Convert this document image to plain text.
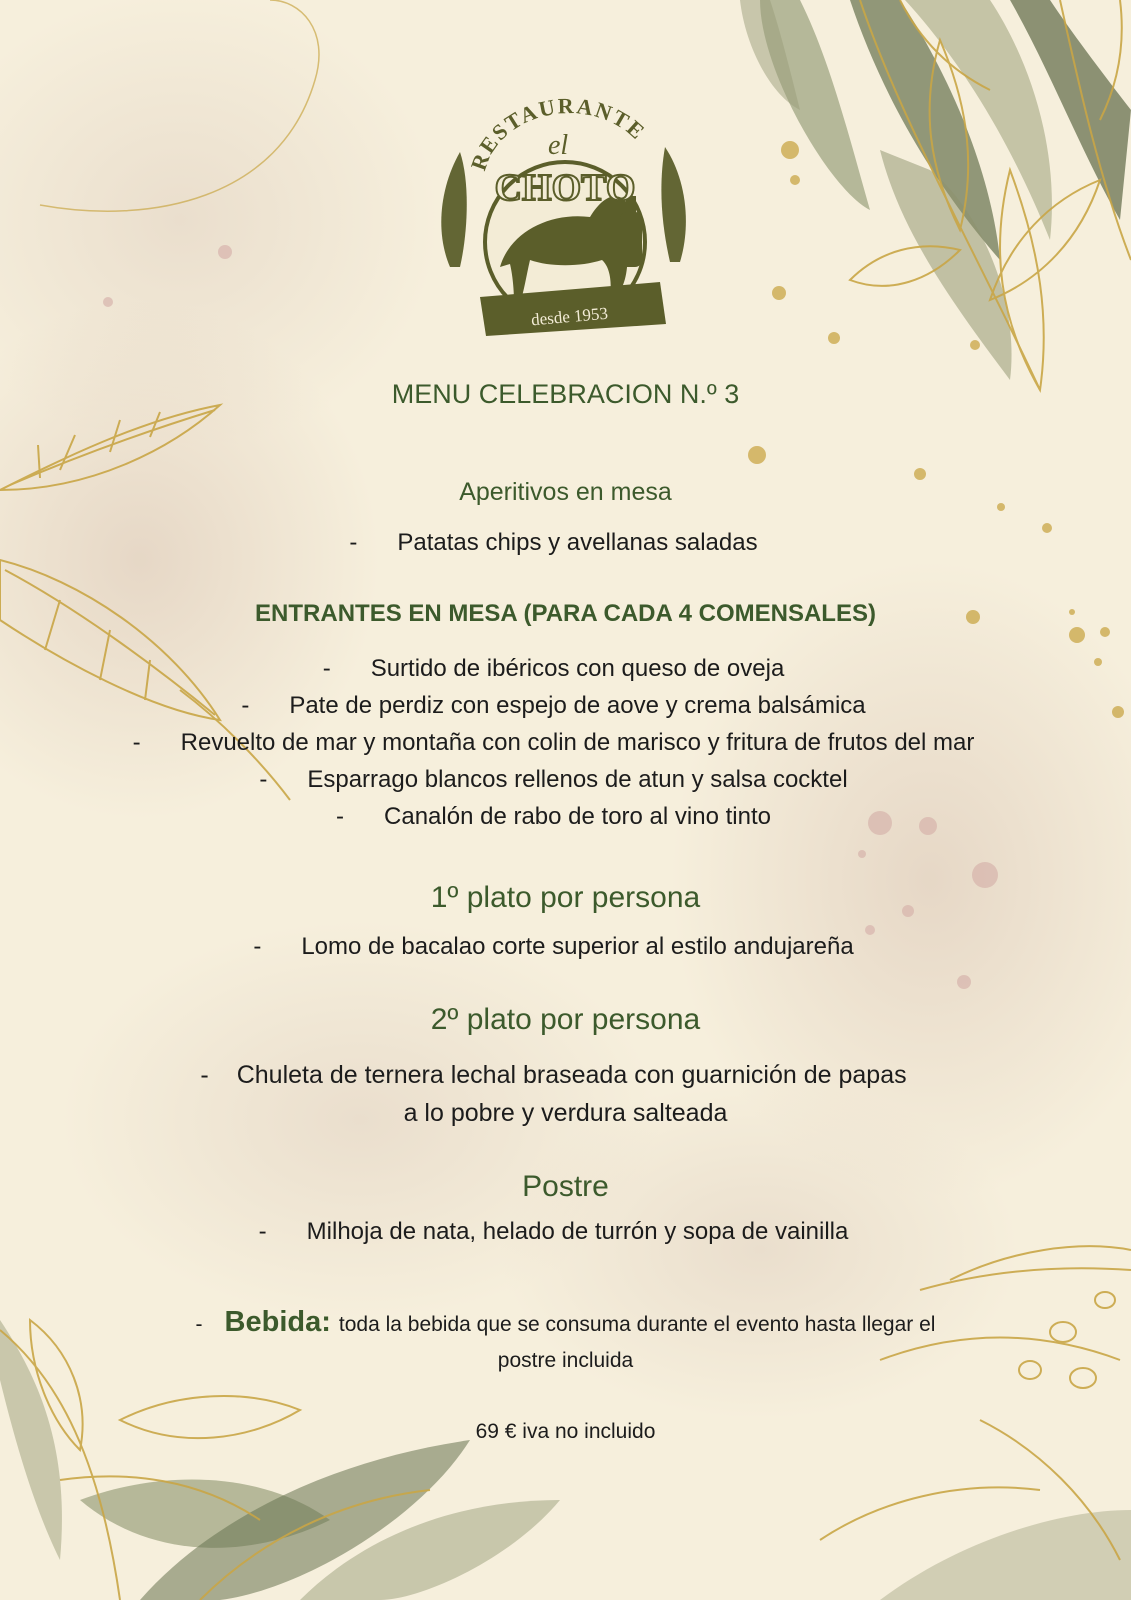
RESTAURANTE
el
CHOTO
desde 1953
MENU CELEBRACION N.º 3
Aperitivos en mesa
- Patatas chips y avellanas saladas
ENTRANTES EN MESA (PARA CADA 4 COMENSALES)
- Surtido de ibéricos con queso de oveja
- Pate de perdiz con espejo de aove y crema balsámica
- Revuelto de mar y montaña con colin de marisco y fritura de frutos del mar
- Esparrago blancos rellenos de atun y salsa cocktel
- Canalón de rabo de toro al vino tinto
1º plato por persona
- Lomo de bacalao corte superior al estilo andujareña
2º plato por persona
- Chuleta de ternera lechal braseada con guarnición de papas
a lo pobre y verdura salteada
Postre
- Milhoja de nata, helado de turrón y sopa de vainilla
- Bebida: toda la bebida que se consuma durante el evento hasta llegar el
postre incluida
69 € iva no incluido
